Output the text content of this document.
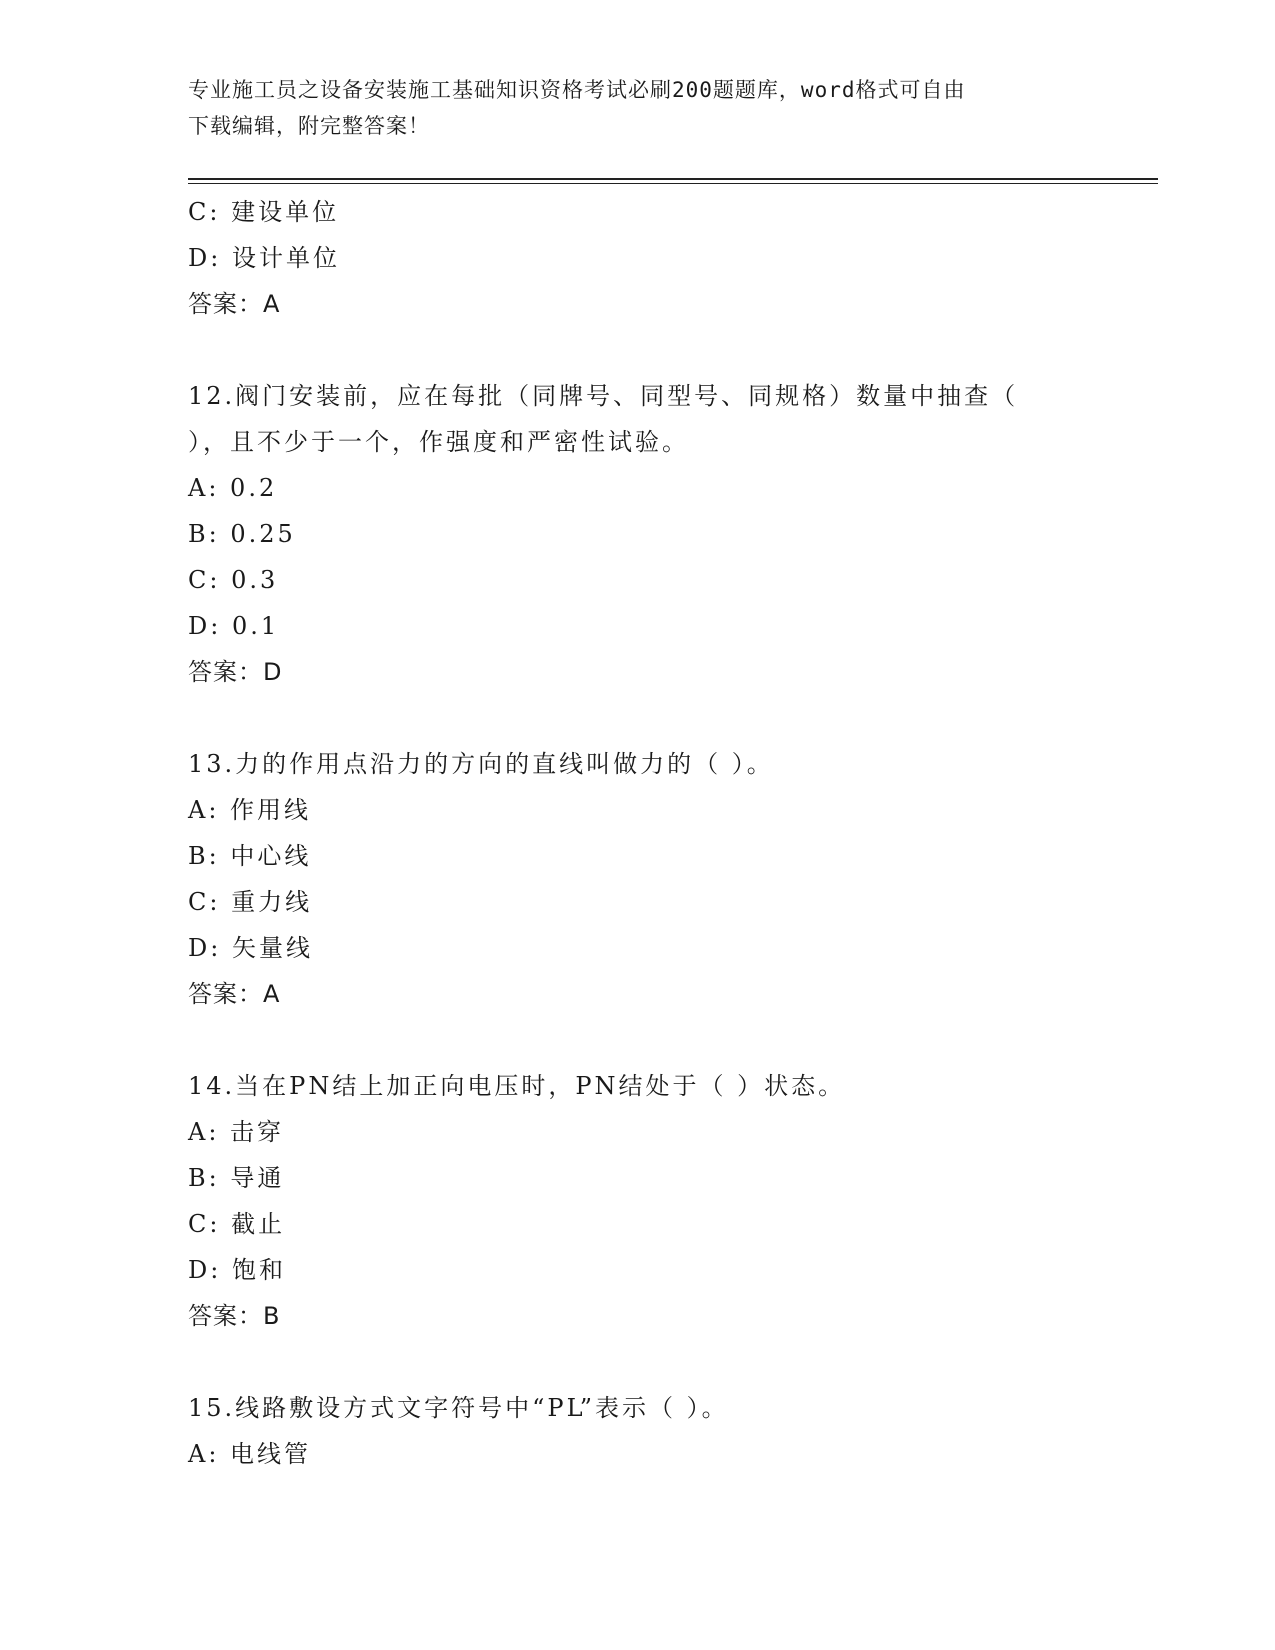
专业施工员之设备安装施工基础知识资格考试必刷200题题库，word格式可自由
下载编辑，附完整答案！
C: 建设单位
D: 设计单位
答案：A
12.阀门安装前，应在每批（同牌号、同型号、同规格）数量中抽查（
），且不少于一个，作强度和严密性试验。
A: 0.2
B: 0.25
C: 0.3
D: 0.1
答案：D
13.力的作用点沿力的方向的直线叫做力的（ ）。
A: 作用线
B: 中心线
C: 重力线
D: 矢量线
答案：A
14.当在PN结上加正向电压时，PN结处于（ ）状态。
A: 击穿
B: 导通
C: 截止
D: 饱和
答案：B
15.线路敷设方式文字符号中“PL”表示（ ）。
A: 电线管
